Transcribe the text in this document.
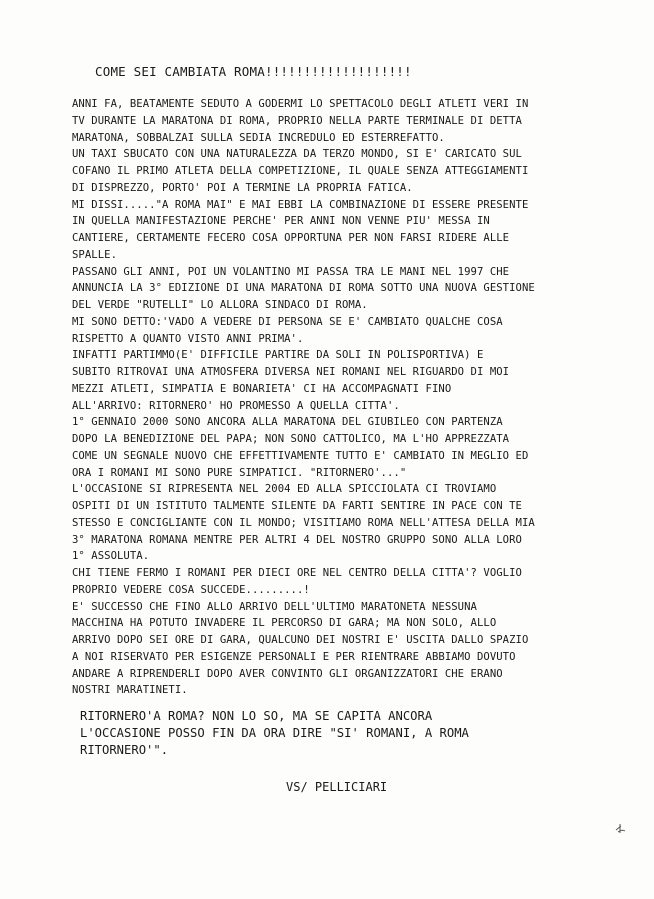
COME SEI CAMBIATA ROMA!!!!!!!!!!!!!!!!!!!
ANNI FA, BEATAMENTE SEDUTO A GODERMI LO SPETTACOLO DEGLI ATLETI VERI IN
TV DURANTE LA MARATONA DI ROMA, PROPRIO NELLA PARTE TERMINALE DI DETTA
MARATONA, SOBBALZAI SULLA SEDIA INCREDULO ED ESTERREFATTO.
UN TAXI SBUCATO CON UNA NATURALEZZA DA TERZO MONDO, SI E' CARICATO SUL
COFANO IL PRIMO ATLETA DELLA COMPETIZIONE, IL QUALE SENZA ATTEGGIAMENTI
DI DISPREZZO, PORTO' POI A TERMINE LA PROPRIA FATICA.
MI DISSI....."A ROMA MAI" E MAI EBBI LA COMBINAZIONE DI ESSERE PRESENTE
IN QUELLA MANIFESTAZIONE PERCHE' PER ANNI NON VENNE PIU' MESSA IN
CANTIERE, CERTAMENTE FECERO COSA OPPORTUNA PER NON FARSI RIDERE ALLE
SPALLE.
PASSANO GLI ANNI, POI UN VOLANTINO MI PASSA TRA LE MANI NEL 1997 CHE
ANNUNCIA LA 3° EDIZIONE DI UNA MARATONA DI ROMA SOTTO UNA NUOVA GESTIONE
DEL VERDE "RUTELLI" LO ALLORA SINDACO DI ROMA.
MI SONO DETTO:'VADO A VEDERE DI PERSONA SE E' CAMBIATO QUALCHE COSA
RISPETTO A QUANTO VISTO ANNI PRIMA'.
INFATTI PARTIMMO(E' DIFFICILE PARTIRE DA SOLI IN POLISPORTIVA) E
SUBITO RITROVAI UNA ATMOSFERA DIVERSA NEI ROMANI NEL RIGUARDO DI MOI
MEZZI ATLETI, SIMPATIA E BONARIETA' CI HA ACCOMPAGNATI FINO
ALL'ARRIVO: RITORNERO' HO PROMESSO A QUELLA CITTA'.
1° GENNAIO 2000 SONO ANCORA ALLA MARATONA DEL GIUBILEO CON PARTENZA
DOPO LA BENEDIZIONE DEL PAPA; NON SONO CATTOLICO, MA L'HO APPREZZATA
COME UN SEGNALE NUOVO CHE EFFETTIVAMENTE TUTTO E' CAMBIATO IN MEGLIO ED
ORA I ROMANI MI SONO PURE SIMPATICI. "RITORNERO'..."
L'OCCASIONE SI RIPRESENTA NEL 2004 ED ALLA SPICCIOLATA CI TROVIAMO
OSPITI DI UN ISTITUTO TALMENTE SILENTE DA FARTI SENTIRE IN PACE CON TE
STESSO E CONCIGLIANTE CON IL MONDO; VISITIAMO ROMA NELL'ATTESA DELLA MIA
3° MARATONA ROMANA MENTRE PER ALTRI 4 DEL NOSTRO GRUPPO SONO ALLA LORO
1° ASSOLUTA.
CHI TIENE FERMO I ROMANI PER DIECI ORE NEL CENTRO DELLA CITTA'? VOGLIO
PROPRIO VEDERE COSA SUCCEDE.........!
E' SUCCESSO CHE FINO ALLO ARRIVO DELL'ULTIMO MARATONETA NESSUNA
MACCHINA HA POTUTO INVADERE IL PERCORSO DI GARA; MA NON SOLO, ALLO
ARRIVO DOPO SEI ORE DI GARA, QUALCUNO DEI NOSTRI E' USCITA DALLO SPAZIO
A NOI RISERVATO PER ESIGENZE PERSONALI E PER RIENTRARE ABBIAMO DOVUTO
ANDARE A RIPRENDERLI DOPO AVER CONVINTO GLI ORGANIZZATORI CHE ERANO
NOSTRI MARATINETI.
RITORNERO'A ROMA? NON LO SO, MA SE CAPITA ANCORA
L'OCCASIONE POSSO FIN DA ORA DIRE "SI' ROMANI, A ROMA
RITORNERO'".
VS/ PELLICIARI
